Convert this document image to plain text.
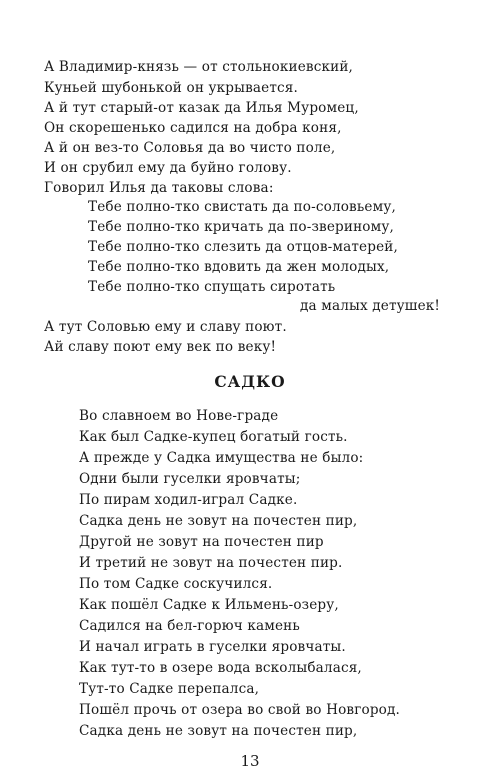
А Владимир-князь — от стольнокиевский,
Куньей шубонькой он укрывается.
А й тут старый-от казак да Илья Муромец,
Он скорешенько садился на добра коня,
А й он вез-то Соловья да во чисто поле,
И он срубил ему да буйно голову.
Говорил Илья да таковы слова:
Тебе полно-тко свистать да по-соловьему,
Тебе полно-тко кричать да по-звериному,
Тебе полно-тко слезить да отцов-матерей,
Тебе полно-тко вдовить да жен молодых,
Тебе полно-тко спущать сиротать
да малых детушек!
А тут Соловью ему и славу поют.
Ай славу поют ему век по веку!
САДКО
Во славноем во Нове-граде
Как был Садке-купец богатый гость.
А прежде у Садка имущества не было:
Одни были гуселки яровчаты;
По пирам ходил-играл Садке.
Садка день не зовут на почестен пир,
Другой не зовут на почестен пир
И третий не зовут на почестен пир.
По том Садке соскучился.
Как пошёл Садке к Ильмень-озеру,
Садился на бел-горюч камень
И начал играть в гуселки яровчаты.
Как тут-то в озере вода всколыбалася,
Тут-то Садке перепалса,
Пошёл прочь от озера во свой во Новгород.
Садка день не зовут на почестен пир,
13
